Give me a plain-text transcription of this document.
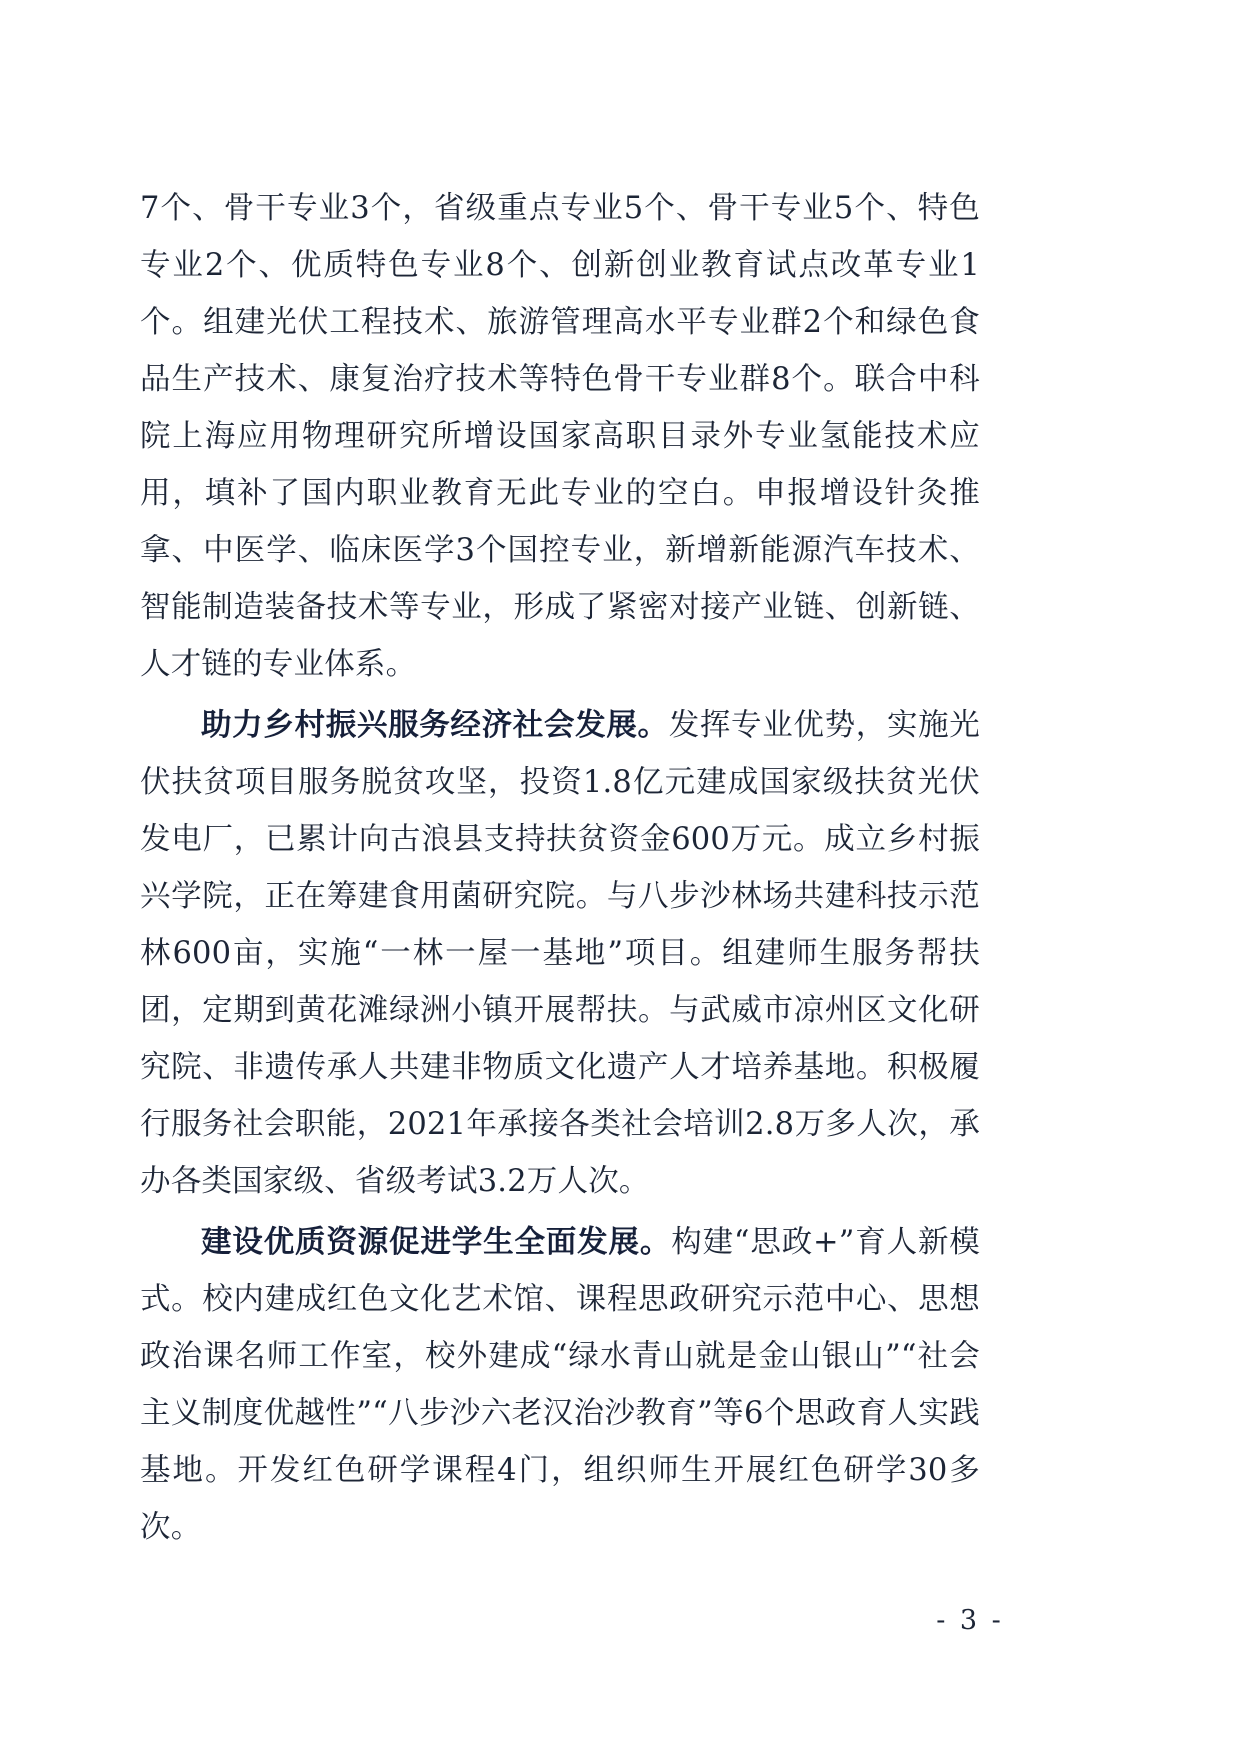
7个、骨干专业3个，省级重点专业5个、骨干专业5个、特色专业2个、优质特色专业8个、创新创业教育试点改革专业1个。组建光伏工程技术、旅游管理高水平专业群2个和绿色食品生产技术、康复治疗技术等特色骨干专业群8个。联合中科院上海应用物理研究所增设国家高职目录外专业氢能技术应用，填补了国内职业教育无此专业的空白。申报增设针灸推拿、中医学、临床医学3个国控专业，新增新能源汽车技术、智能制造装备技术等专业，形成了紧密对接产业链、创新链、人才链的专业体系。

助力乡村振兴服务经济社会发展。发挥专业优势，实施光伏扶贫项目服务脱贫攻坚，投资1.8亿元建成国家级扶贫光伏发电厂，已累计向古浪县支持扶贫资金600万元。成立乡村振兴学院，正在筹建食用菌研究院。与八步沙林场共建科技示范林600亩，实施“一林一屋一基地”项目。组建师生服务帮扶团，定期到黄花滩绿洲小镇开展帮扶。与武威市凉州区文化研究院、非遗传承人共建非物质文化遗产人才培养基地。积极履行服务社会职能，2021年承接各类社会培训2.8万多人次，承办各类国家级、省级考试3.2万人次。

建设优质资源促进学生全面发展。构建“思政+”育人新模式。校内建成红色文化艺术馆、课程思政研究示范中心、思想政治课名师工作室，校外建成“绿水青山就是金山银山”“社会主义制度优越性”“八步沙六老汉治沙教育”等6个思政育人实践基地。开发红色研学课程4门，组织师生开展红色研学30多次。

- 3 -
